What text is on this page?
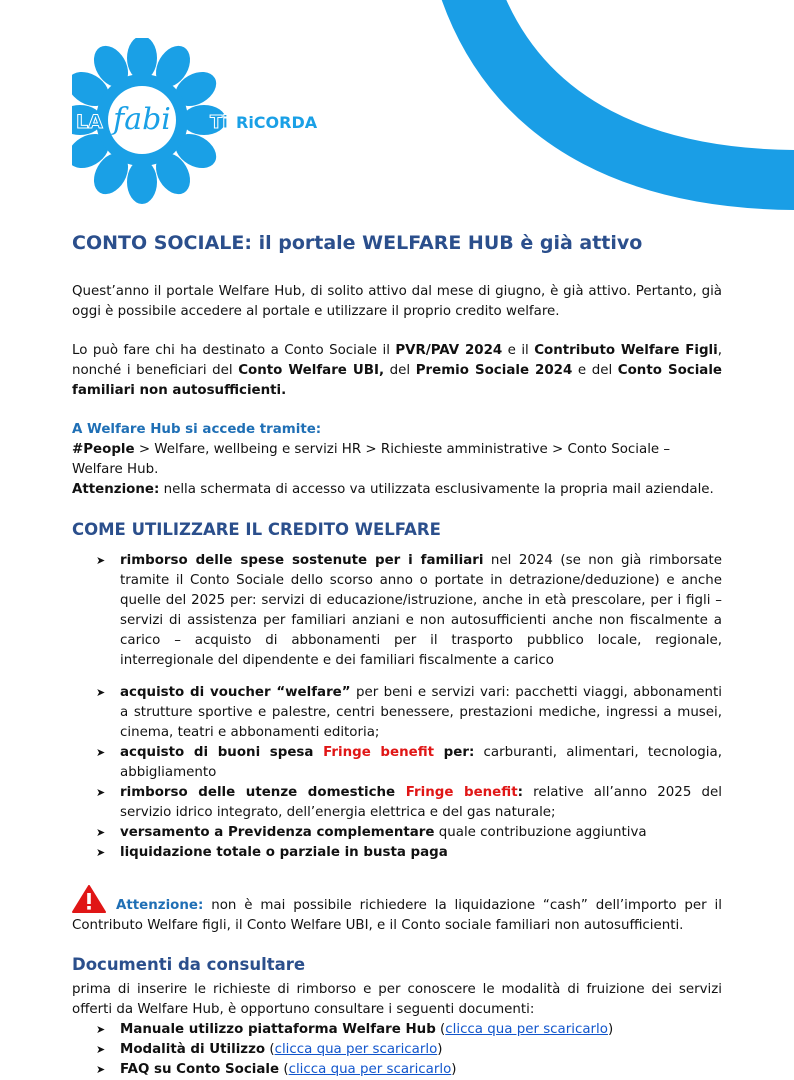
LA fabi Ti RiCORDA
CONTO SOCIALE: il portale WELFARE HUB è già attivo

Quest’anno il portale Welfare Hub, di solito attivo dal mese di giugno, è già attivo. Pertanto, già oggi è possibile accedere al portale e utilizzare il proprio credito welfare.

Lo può fare chi ha destinato a Conto Sociale il PVR/PAV 2024 e il Contributo Welfare Figli, nonché i beneficiari del Conto Welfare UBI, del Premio Sociale 2024 e del Conto Sociale familiari non autosufficienti.

A Welfare Hub si accede tramite:
#People > Welfare, wellbeing e servizi HR > Richieste amministrative > Conto Sociale – Welfare Hub.
Attenzione: nella schermata di accesso va utilizzata esclusivamente la propria mail aziendale.
COME UTILIZZARE IL CREDITO WELFARE
➤ rimborso delle spese sostenute per i familiari nel 2024 (se non già rimborsate tramite il Conto Sociale dello scorso anno o portate in detrazione/deduzione) e anche quelle del 2025 per: servizi di educazione/istruzione, anche in età prescolare, per i figli – servizi di assistenza per familiari anziani e non autosufficienti anche non fiscalmente a carico – acquisto di abbonamenti per il trasporto pubblico locale, regionale, interregionale del dipendente e dei familiari fiscalmente a carico
➤ acquisto di voucher “welfare” per beni e servizi vari: pacchetti viaggi, abbonamenti a strutture sportive e palestre, centri benessere, prestazioni mediche, ingressi a musei, cinema, teatri e abbonamenti editoria;
➤ acquisto di buoni spesa Fringe benefit per: carburanti, alimentari, tecnologia, abbigliamento
➤ rimborso delle utenze domestiche Fringe benefit: relative all’anno 2025 del servizio idrico integrato, dell’energia elettrica e del gas naturale;
➤ versamento a Previdenza complementare quale contribuzione aggiuntiva
➤ liquidazione totale o parziale in busta paga

Attenzione: non è mai possibile richiedere la liquidazione “cash” dell’importo per il Contributo Welfare figli, il Conto Welfare UBI, e il Conto sociale familiari non autosufficienti.

Documenti da consultare

prima di inserire le richieste di rimborso e per conoscere le modalità di fruizione dei servizi offerti da Welfare Hub, è opportuno consultare i seguenti documenti:

➤ Manuale utilizzo piattaforma Welfare Hub (clicca qua per scaricarlo)
➤ Modalità di Utilizzo (clicca qua per scaricarlo)
➤ FAQ su Conto Sociale (clicca qua per scaricarlo)
